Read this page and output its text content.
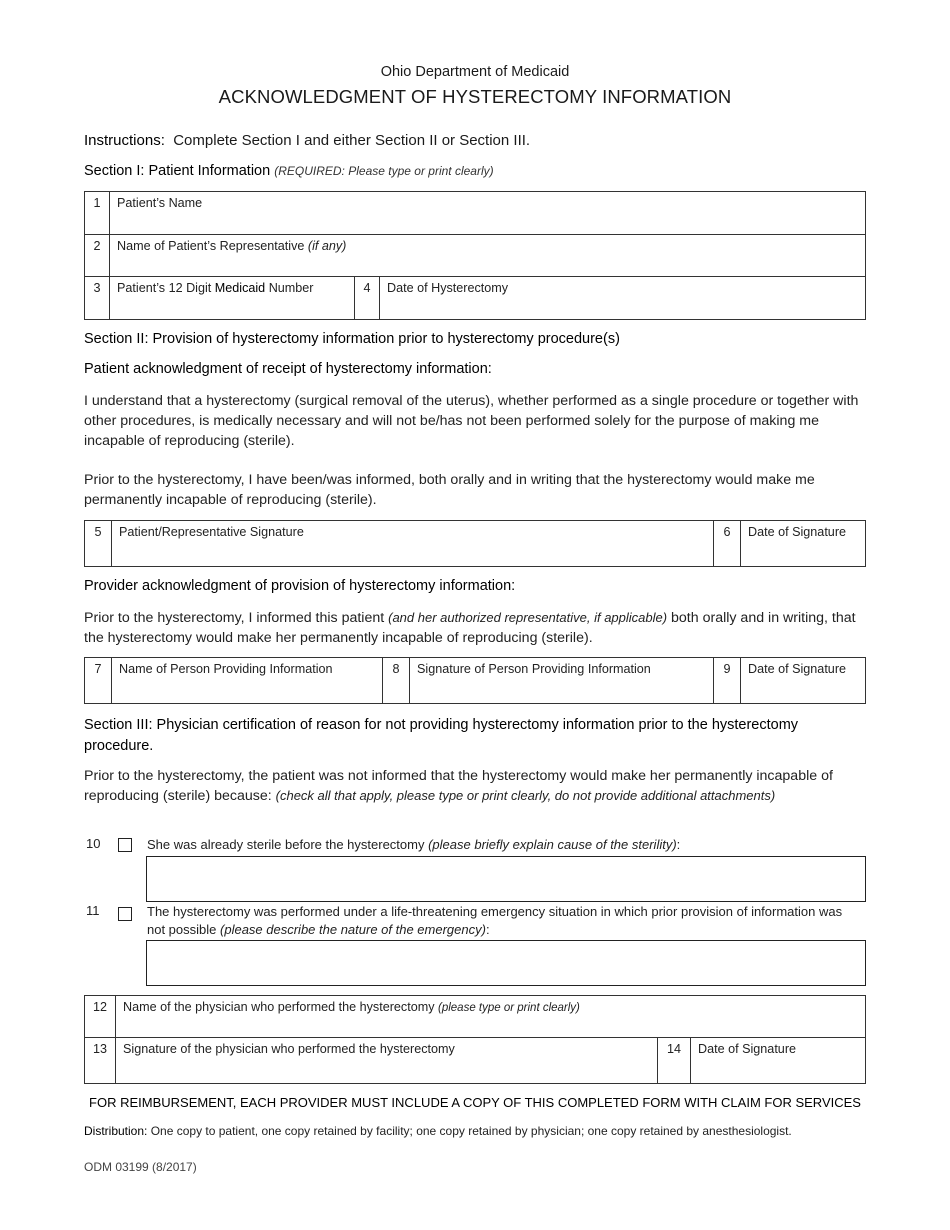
Ohio Department of Medicaid
ACKNOWLEDGMENT OF HYSTERECTOMY INFORMATION
Instructions: Complete Section I and either Section II or Section III.
Section I: Patient Information (REQUIRED: Please type or print clearly)
1	Patient’s Name		
2	Name of Patient’s Representative (if any)		
3	Patient’s 12 Digit Medicaid Number	4	Date of Hysterectomy
Section II: Provision of hysterectomy information prior to hysterectomy procedure(s)
Patient acknowledgment of receipt of hysterectomy information:
I understand that a hysterectomy (surgical removal of the uterus), whether performed as a single procedure or together with other procedures, is medically necessary and will not be/has not been performed solely for the purpose of making me incapable of reproducing (sterile).
Prior to the hysterectomy, I have been/was informed, both orally and in writing that the hysterectomy would make me permanently incapable of reproducing (sterile).
5	Patient/Representative Signature	6	Date of Signature
Provider acknowledgment of provision of hysterectomy information:
Prior to the hysterectomy, I informed this patient (and her authorized representative, if applicable) both orally and in writing, that the hysterectomy would make her permanently incapable of reproducing (sterile).
7	Name of Person Providing Information	8	Signature of Person Providing Information	9	Date of Signature
Section III: Physician certification of reason for not providing hysterectomy information prior to the hysterectomy procedure.
Prior to the hysterectomy, the patient was not informed that the hysterectomy would make her permanently incapable of reproducing (sterile) because: (check all that apply, please type or print clearly, do not provide additional attachments)
10	She was already sterile before the hysterectomy (please briefly explain cause of the sterility):
11	The hysterectomy was performed under a life-threatening emergency situation in which prior provision of information was not possible (please describe the nature of the emergency):
12	Name of the physician who performed the hysterectomy (please type or print clearly)		
13	Signature of the physician who performed the hysterectomy	14	Date of Signature
FOR REIMBURSEMENT, EACH PROVIDER MUST INCLUDE A COPY OF THIS COMPLETED FORM WITH CLAIM FOR SERVICES
Distribution: One copy to patient, one copy retained by facility; one copy retained by physician; one copy retained by anesthesiologist.
ODM 03199 (8/2017)
